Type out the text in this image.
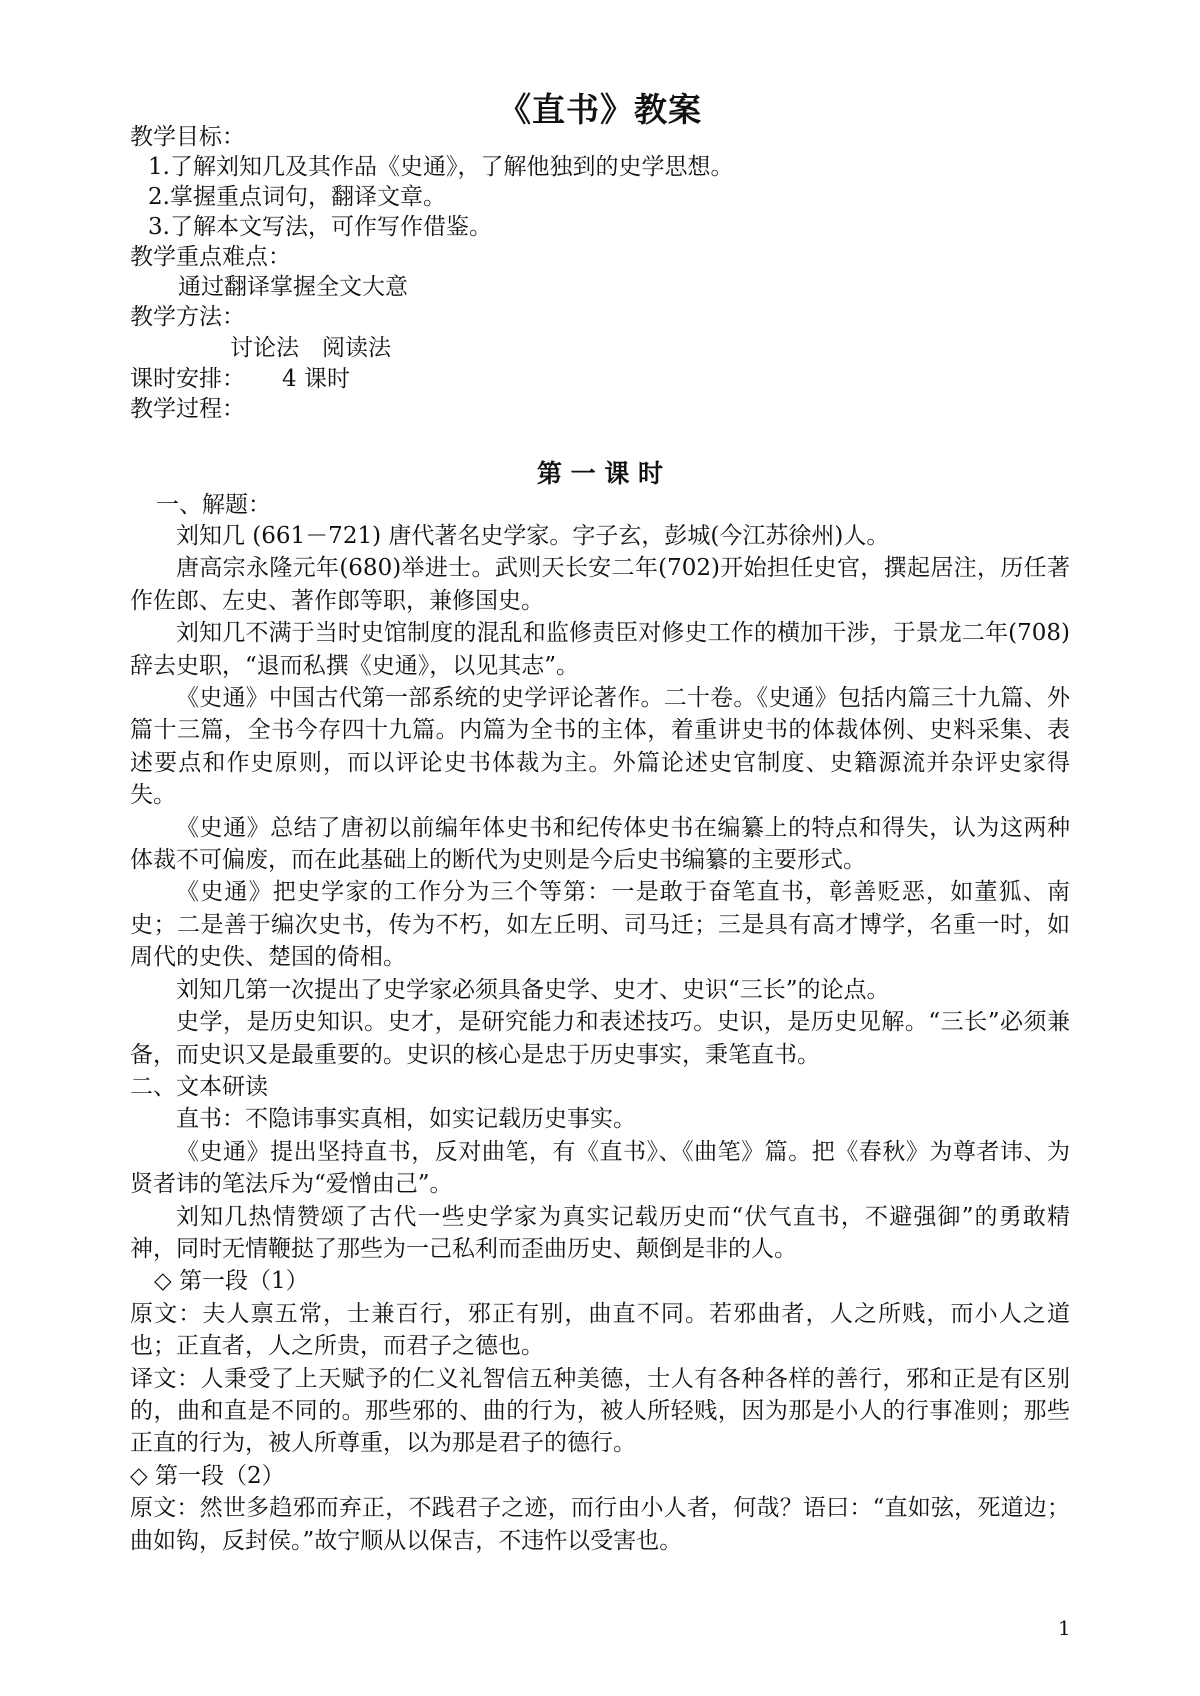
《直书》教案
教学目标：
1.了解刘知几及其作品《史通》，了解他独到的史学思想。
2.掌握重点词句，翻译文章。
3.了解本文写法，可作写作借鉴。
教学重点难点：
通过翻译掌握全文大意
教学方法：
讨论法　阅读法
课时安排： 4 课时
教学过程：
第 一 课 时
一、解题：
刘知几 (661－721) 唐代著名史学家。字子玄，彭城(今江苏徐州)人。
唐高宗永隆元年(680)举进士。武则天长安二年(702)开始担任史官，撰起居注，历任著作佐郎、左史、著作郎等职，兼修国史。
刘知几不满于当时史馆制度的混乱和监修责臣对修史工作的横加干涉，于景龙二年(708)辞去史职，“退而私撰《史通》，以见其志”。
《史通》中国古代第一部系统的史学评论著作。二十卷。《史通》包括内篇三十九篇、外篇十三篇，全书今存四十九篇。内篇为全书的主体，着重讲史书的体裁体例、史料采集、表述要点和作史原则，而以评论史书体裁为主。外篇论述史官制度、史籍源流并杂评史家得失。
《史通》总结了唐初以前编年体史书和纪传体史书在编纂上的特点和得失，认为这两种体裁不可偏废，而在此基础上的断代为史则是今后史书编纂的主要形式。
《史通》把史学家的工作分为三个等第：一是敢于奋笔直书，彰善贬恶，如董狐、南史；二是善于编次史书，传为不朽，如左丘明、司马迁；三是具有高才博学，名重一时，如周代的史佚、楚国的倚相。
刘知几第一次提出了史学家必须具备史学、史才、史识“三长”的论点。
史学，是历史知识。史才，是研究能力和表述技巧。史识，是历史见解。“三长”必须兼备，而史识又是最重要的。史识的核心是忠于历史事实，秉笔直书。
二、文本研读
直书：不隐讳事实真相，如实记载历史事实。
《史通》提出坚持直书，反对曲笔，有《直书》、《曲笔》篇。把《春秋》为尊者讳、为贤者讳的笔法斥为“爱憎由己”。
刘知几热情赞颂了古代一些史学家为真实记载历史而“伏气直书，不避强御”的勇敢精神，同时无情鞭挞了那些为一己私利而歪曲历史、颠倒是非的人。
◇ 第一段（1）
原文：夫人禀五常，士兼百行，邪正有别，曲直不同。若邪曲者，人之所贱，而小人之道也；正直者，人之所贵，而君子之德也。
译文：人秉受了上天赋予的仁义礼智信五种美德，士人有各种各样的善行，邪和正是有区别的，曲和直是不同的。那些邪的、曲的行为，被人所轻贱，因为那是小人的行事准则；那些正直的行为，被人所尊重，以为那是君子的德行。
◇ 第一段（2）
原文：然世多趋邪而弃正，不践君子之迹，而行由小人者，何哉？语曰：“直如弦，死道边；曲如钩，反封侯。”故宁顺从以保吉，不违忤以受害也。
1
